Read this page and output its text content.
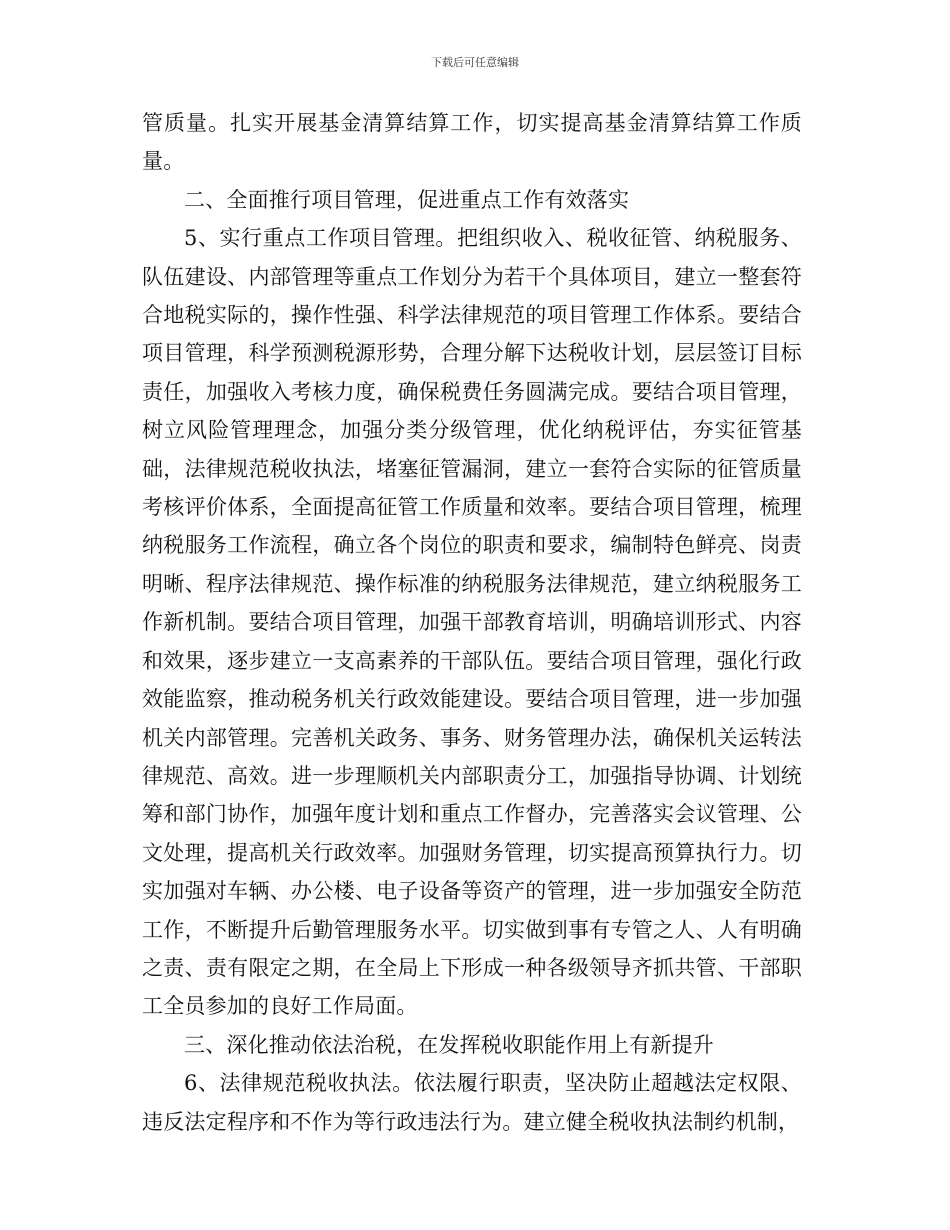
下载后可任意编辑

管质量。扎实开展基金清算结算工作，切实提高基金清算结算工作质量。

二、全面推行项目管理，促进重点工作有效落实

5、实行重点工作项目管理。把组织收入、税收征管、纳税服务、队伍建设、内部管理等重点工作划分为若干个具体项目，建立一整套符合地税实际的，操作性强、科学法律规范的项目管理工作体系。要结合项目管理，科学预测税源形势，合理分解下达税收计划，层层签订目标责任，加强收入考核力度，确保税费任务圆满完成。要结合项目管理，树立风险管理理念，加强分类分级管理，优化纳税评估，夯实征管基础，法律规范税收执法，堵塞征管漏洞，建立一套符合实际的征管质量考核评价体系，全面提高征管工作质量和效率。要结合项目管理，梳理纳税服务工作流程，确立各个岗位的职责和要求，编制特色鲜亮、岗责明晰、程序法律规范、操作标准的纳税服务法律规范，建立纳税服务工作新机制。要结合项目管理，加强干部教育培训，明确培训形式、内容和效果，逐步建立一支高素养的干部队伍。要结合项目管理，强化行政效能监察，推动税务机关行政效能建设。要结合项目管理，进一步加强机关内部管理。完善机关政务、事务、财务管理办法，确保机关运转法律规范、高效。进一步理顺机关内部职责分工，加强指导协调、计划统筹和部门协作，加强年度计划和重点工作督办，完善落实会议管理、公文处理，提高机关行政效率。加强财务管理，切实提高预算执行力。切实加强对车辆、办公楼、电子设备等资产的管理，进一步加强安全防范工作，不断提升后勤管理服务水平。切实做到事有专管之人、人有明确之责、责有限定之期，在全局上下形成一种各级领导齐抓共管、干部职工全员参加的良好工作局面。

三、深化推动依法治税，在发挥税收职能作用上有新提升

6、法律规范税收执法。依法履行职责，坚决防止超越法定权限、违反法定程序和不作为等行政违法行为。建立健全税收执法制约机制，
